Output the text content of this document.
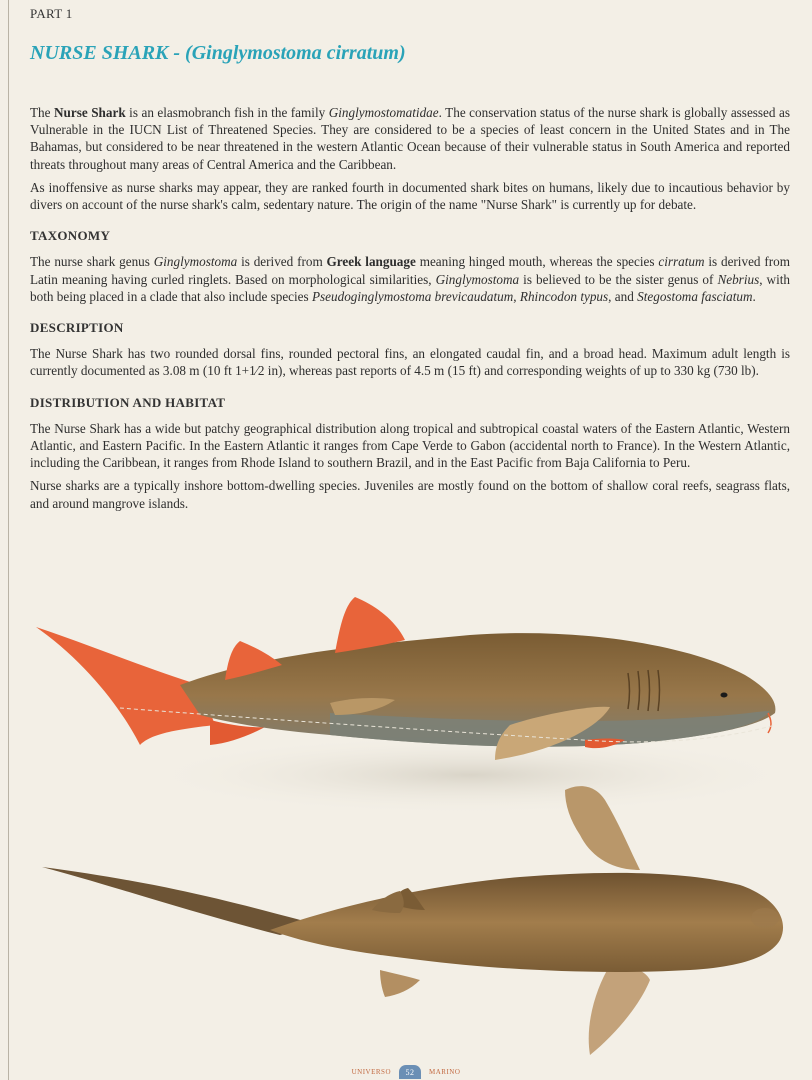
PART 1
NURSE SHARK - (Ginglymostoma cirratum)

The Nurse Shark is an elasmobranch fish in the family Ginglymostomatidae. The conservation status of the nurse shark is globally assessed as Vulnerable in the IUCN List of Threatened Species. They are considered to be a species of least concern in the United States and in The Bahamas, but considered to be near threatened in the western Atlantic Ocean because of their vulnerable status in South America and reported threats throughout many areas of Central America and the Caribbean.

As inoffensive as nurse sharks may appear, they are ranked fourth in documented shark bites on humans, likely due to incautious behavior by divers on account of the nurse shark's calm, sedentary nature. The origin of the name "Nurse Shark" is currently up for debate.

TAXONOMY

The nurse shark genus Ginglymostoma is derived from Greek language meaning hinged mouth, whereas the species cirratum is derived from Latin meaning having curled ringlets. Based on morphological similarities, Ginglymostoma is believed to be the sister genus of Nebrius, with both being placed in a clade that also include species Pseudoginglymostoma brevicaudatum, Rhincodon typus, and Stegostoma fasciatum.

DESCRIPTION

The Nurse Shark has two rounded dorsal fins, rounded pectoral fins, an elongated caudal fin, and a broad head. Maximum adult length is currently documented as 3.08 m (10 ft 1+1⁄2 in), whereas past reports of 4.5 m (15 ft) and corresponding weights of up to 330 kg (730 lb).

DISTRIBUTION AND HABITAT

The Nurse Shark has a wide but patchy geographical distribution along tropical and subtropical coastal waters of the Eastern Atlantic, Western Atlantic, and Eastern Pacific. In the Eastern Atlantic it ranges from Cape Verde to Gabon (accidental north to France). In the Western Atlantic, including the Caribbean, it ranges from Rhode Island to southern Brazil, and in the East Pacific from Baja California to Peru.

Nurse sharks are a typically inshore bottom-dwelling species. Juveniles are mostly found on the bottom of shallow coral reefs, seagrass flats, and around mangrove islands.

UNIVERSO	52	MARINO
